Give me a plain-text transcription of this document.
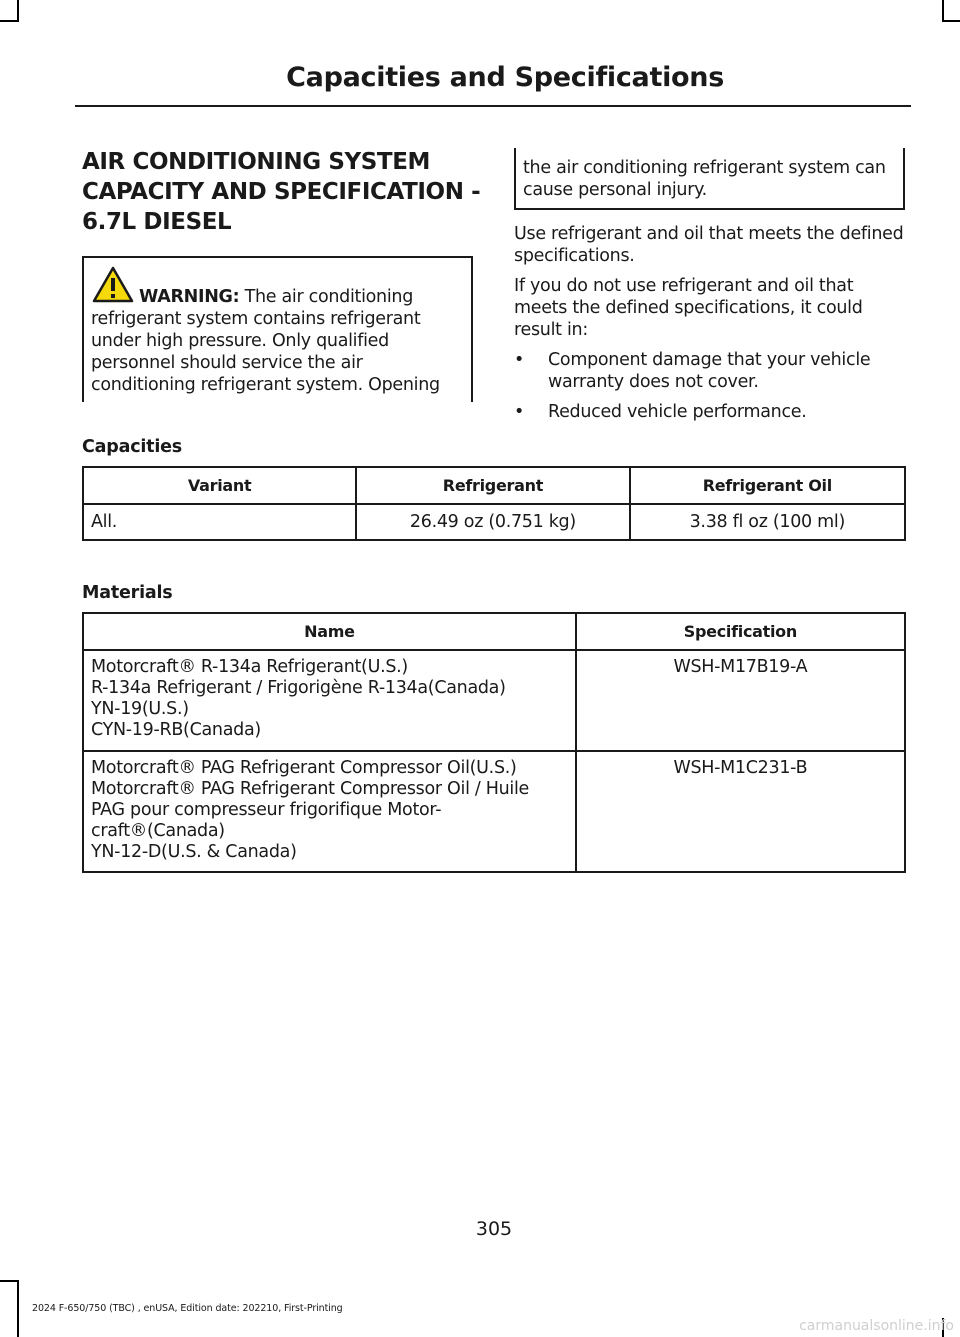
Capacities and Specifications
AIR CONDITIONING SYSTEM CAPACITY AND SPECIFICATION - 6.7L DIESEL

WARNING: The air conditioning refrigerant system contains refrigerant under high pressure. Only qualified personnel should service the air conditioning refrigerant system. Opening

the air conditioning refrigerant system can cause personal injury.

Use refrigerant and oil that meets the defined specifications.

If you do not use refrigerant and oil that meets the defined specifications, it could result in:

• Component damage that your vehicle warranty does not cover.
• Reduced vehicle performance.
Capacities
Variant	Refrigerant	Refrigerant Oil
All.	26.49 oz (0.751 kg)	3.38 fl oz (100 ml)
Materials
Name	Specification

Motorcraft® R-134a Refrigerant(U.S.)
R-134a Refrigerant / Frigorigène R-134a(Canada)
YN-19(U.S.)
CYN-19-RB(Canada)	WSH-M17B19-A

Motorcraft® PAG Refrigerant Compressor Oil(U.S.)
Motorcraft® PAG Refrigerant Compressor Oil / Huile
PAG pour compresseur frigorifique Motor-
craft®(Canada)
YN-12-D(U.S. & Canada)	WSH-M1C231-B
305
2024 F-650/750 (TBC) , enUSA, Edition date: 202210, First-Printing
carmanualsonline.info
